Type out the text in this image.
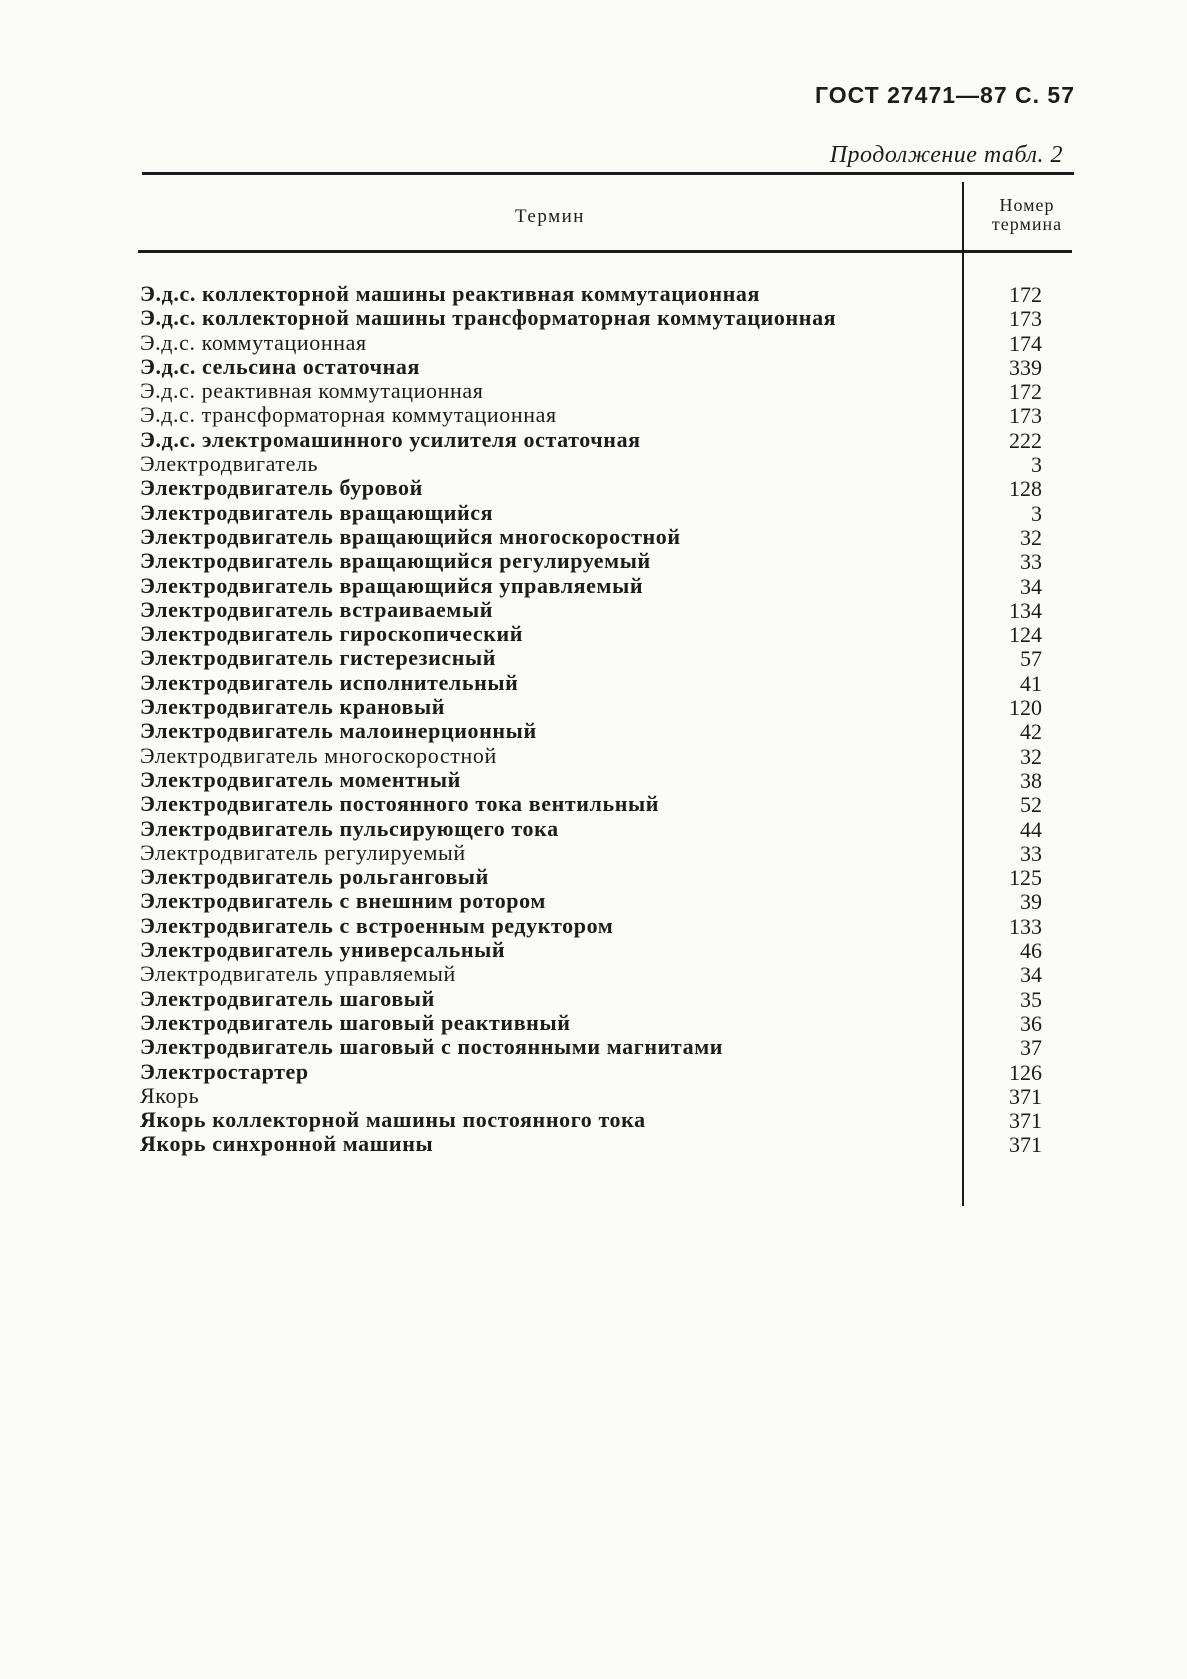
ГОСТ 27471—87 С. 57
Продолжение табл. 2
Термин
Номер
термина
Э.д.с. коллекторной машины реактивная коммутационная	172
Э.д.с. коллекторной машины трансформаторная коммутационная	173
Э.д.с. коммутационная	174
Э.д.с. сельсина остаточная	339
Э.д.с. реактивная коммутационная	172
Э.д.с. трансформаторная коммутационная	173
Э.д.с. электромашинного усилителя остаточная	222
Электродвигатель	3
Электродвигатель буровой	128
Электродвигатель вращающийся	3
Электродвигатель вращающийся многоскоростной	32
Электродвигатель вращающийся регулируемый	33
Электродвигатель вращающийся управляемый	34
Электродвигатель встраиваемый	134
Электродвигатель гироскопический	124
Электродвигатель гистерезисный	57
Электродвигатель исполнительный	41
Электродвигатель крановый	120
Электродвигатель малоинерционный	42
Электродвигатель многоскоростной	32
Электродвигатель моментный	38
Электродвигатель постоянного тока вентильный	52
Электродвигатель пульсирующего тока	44
Электродвигатель регулируемый	33
Электродвигатель рольганговый	125
Электродвигатель с внешним ротором	39
Электродвигатель с встроенным редуктором	133
Электродвигатель универсальный	46
Электродвигатель управляемый	34
Электродвигатель шаговый	35
Электродвигатель шаговый реактивный	36
Электродвигатель шаговый с постоянными магнитами	37
Электростартер	126
Якорь	371
Якорь коллекторной машины постоянного тока	371
Якорь синхронной машины	371
